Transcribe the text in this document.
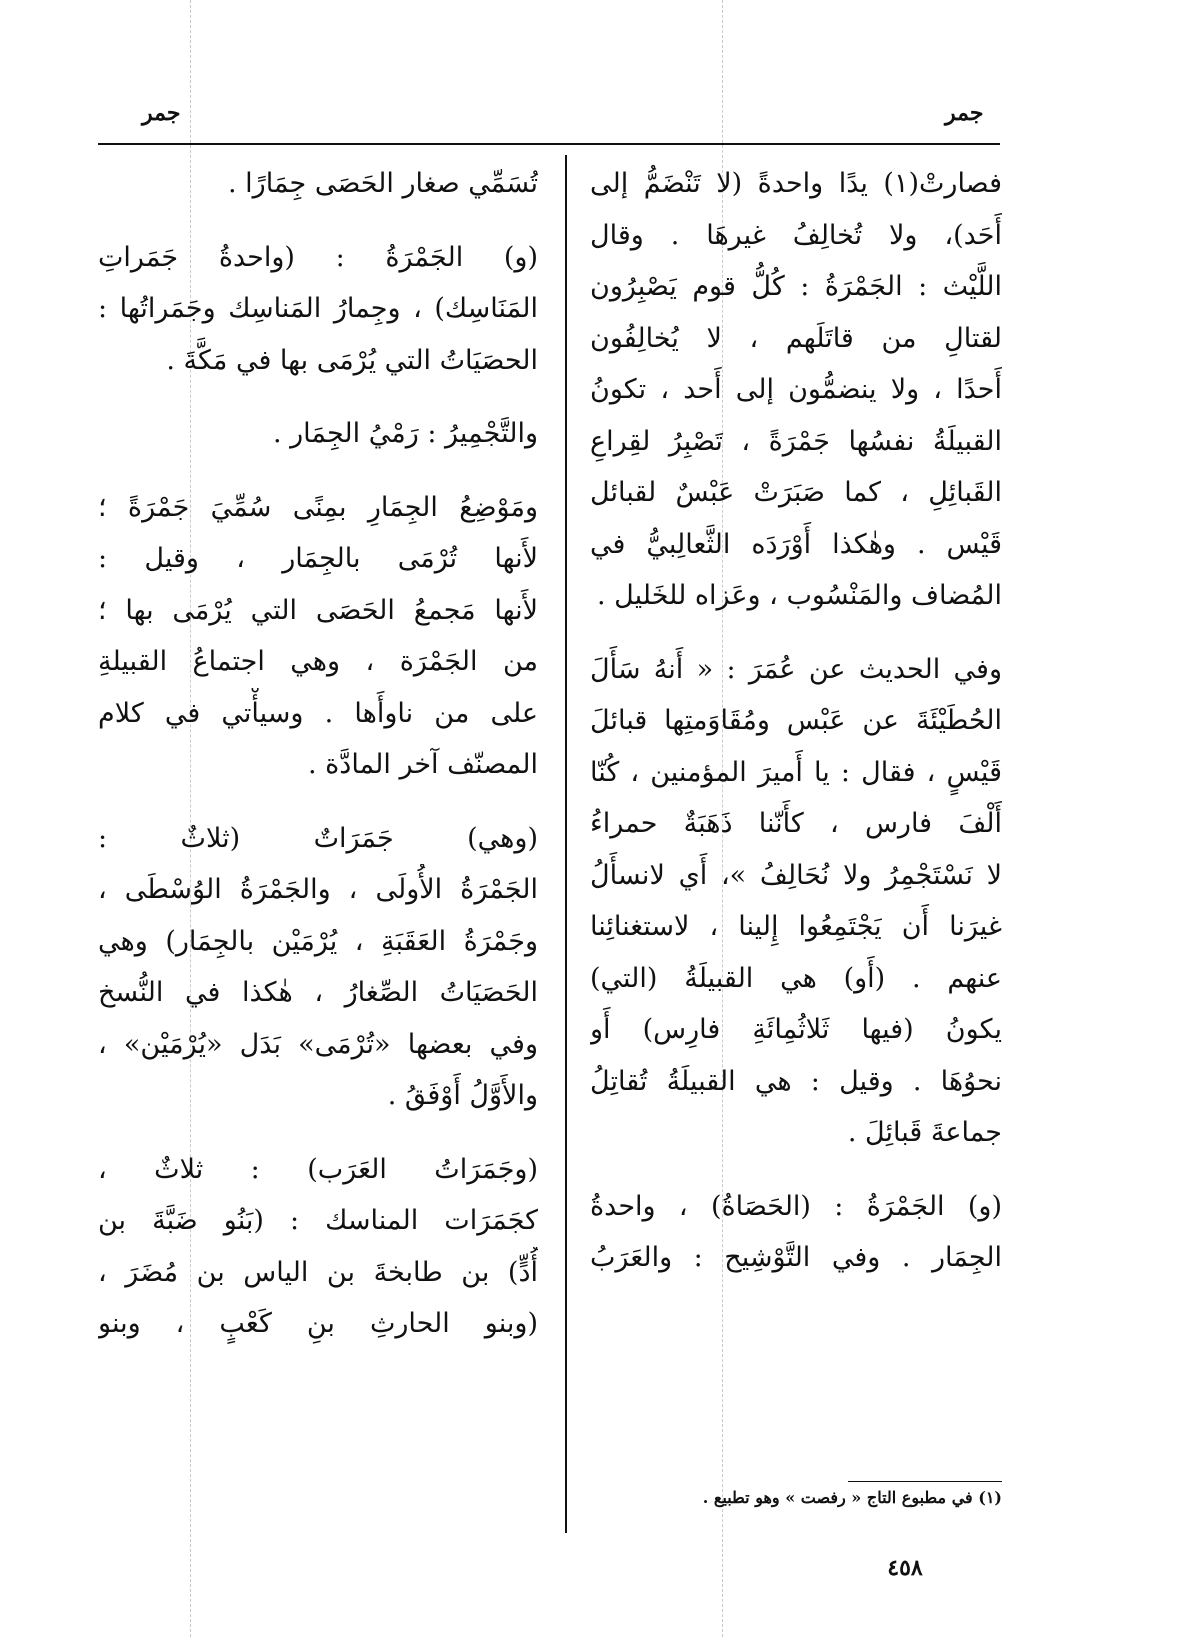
جمر	جمر
فصارتْ(١) يدًا واحدةً (لا تَنْضَمُّ إلى
أَحَد)، ولا تُخالِفُ غيرهَا . وقال
اللَّيْث : الجَمْرَةُ : كُلُّ قوم يَصْبِرُون
لقتالِ من قاتَلَهم ، لا يُخالِفُون
أَحدًا ، ولا ينضمُّون إلى أَحد ، تكونُ
القبيلَةُ نفسُها جَمْرَةً ، تَصْبِرُ لقِراعِ
القَبائِلِ ، كما صَبَرَتْ عَبْسٌ لقبائل
قَيْس . وهٰكذا أَوْرَدَه الثَّعالِبيُّ في
المُضاف والمَنْسُوب ، وعَزاه للخَليل .
وفي الحديث عن عُمَرَ : « أَنهُ سَأَلَ
الحُطَيْئَةَ عن عَبْس ومُقَاوَمتِها قبائلَ
قَيْسٍ ، فقال : يا أَميرَ المؤمنين ، كُنّا
أَلْفَ فارس ، كأَنّنا ذَهَبَةٌ حمراءُ
لا نَسْتَجْمِرُ ولا نُحَالِفُ »، أَي لانسأَلُ
غيرَنا أَن يَجْتَمِعُوا إِلينا ، لاستغنائِنا
عنهم . (أَو) هي القبيلَةُ (التي)
يكونُ (فيها ثَلاثُمِائَةِ فارِس) أَو
نحوُهَا . وقيل : هي القبيلَةُ تُقاتِلُ
جماعةَ قَبائِلَ .
(و) الجَمْرَةُ : (الحَصَاةُ) ، واحدةُ
الجِمَار . وفي التَّوْشِيح : والعَرَبُ
تُسَمِّي صغار الحَصَى جِمَارًا .
(و) الجَمْرَةُ : (واحدةُ جَمَراتِ
المَنَاسِك) ، وجِمارُ المَناسِك وجَمَراتُها :
الحصَيَاتُ التي يُرْمَى بها في مَكَّةَ .
والتَّجْمِيرُ : رَمْيُ الجِمَار .
ومَوْضِعُ الجِمَارِ بمِنًى سُمِّيَ جَمْرَةً ؛
لأَنها تُرْمَى بالجِمَار ، وقيل :
لأَنها مَجمعُ الحَصَى التي يُرْمَى بها ؛
من الجَمْرَة ، وهي اجتماعُ القبيلةِ
على من ناوأَها . وسيأْتي في كلام
المصنّف آخر المادَّة .
(وهي) جَمَرَاتٌ (ثلاثٌ :
الجَمْرَةُ الأُولَى ، والجَمْرَةُ الوُسْطَى ،
وجَمْرَةُ العَقَبَةِ ، يُرْمَيْن بالجِمَار) وهي
الحَصَيَاتُ الصِّغارُ ، هٰكذا في النُّسخ
وفي بعضها «تُرْمَى» بَدَل «يُرْمَيْن» ،
والأَوَّلُ أَوْفَقُ .
(وجَمَرَاتُ العَرَب) : ثلاثٌ ،
كجَمَرَات المناسك : (بَنُو ضَبَّةَ بن
أُدٍّ) بن طابخةَ بن الياس بن مُضَرَ ،
(وبنو الحارثِ بنِ كَعْبٍ ، وبنو
(١) في مطبوع التاج « رفصت » وهو تطبيع .
٤٥٨
